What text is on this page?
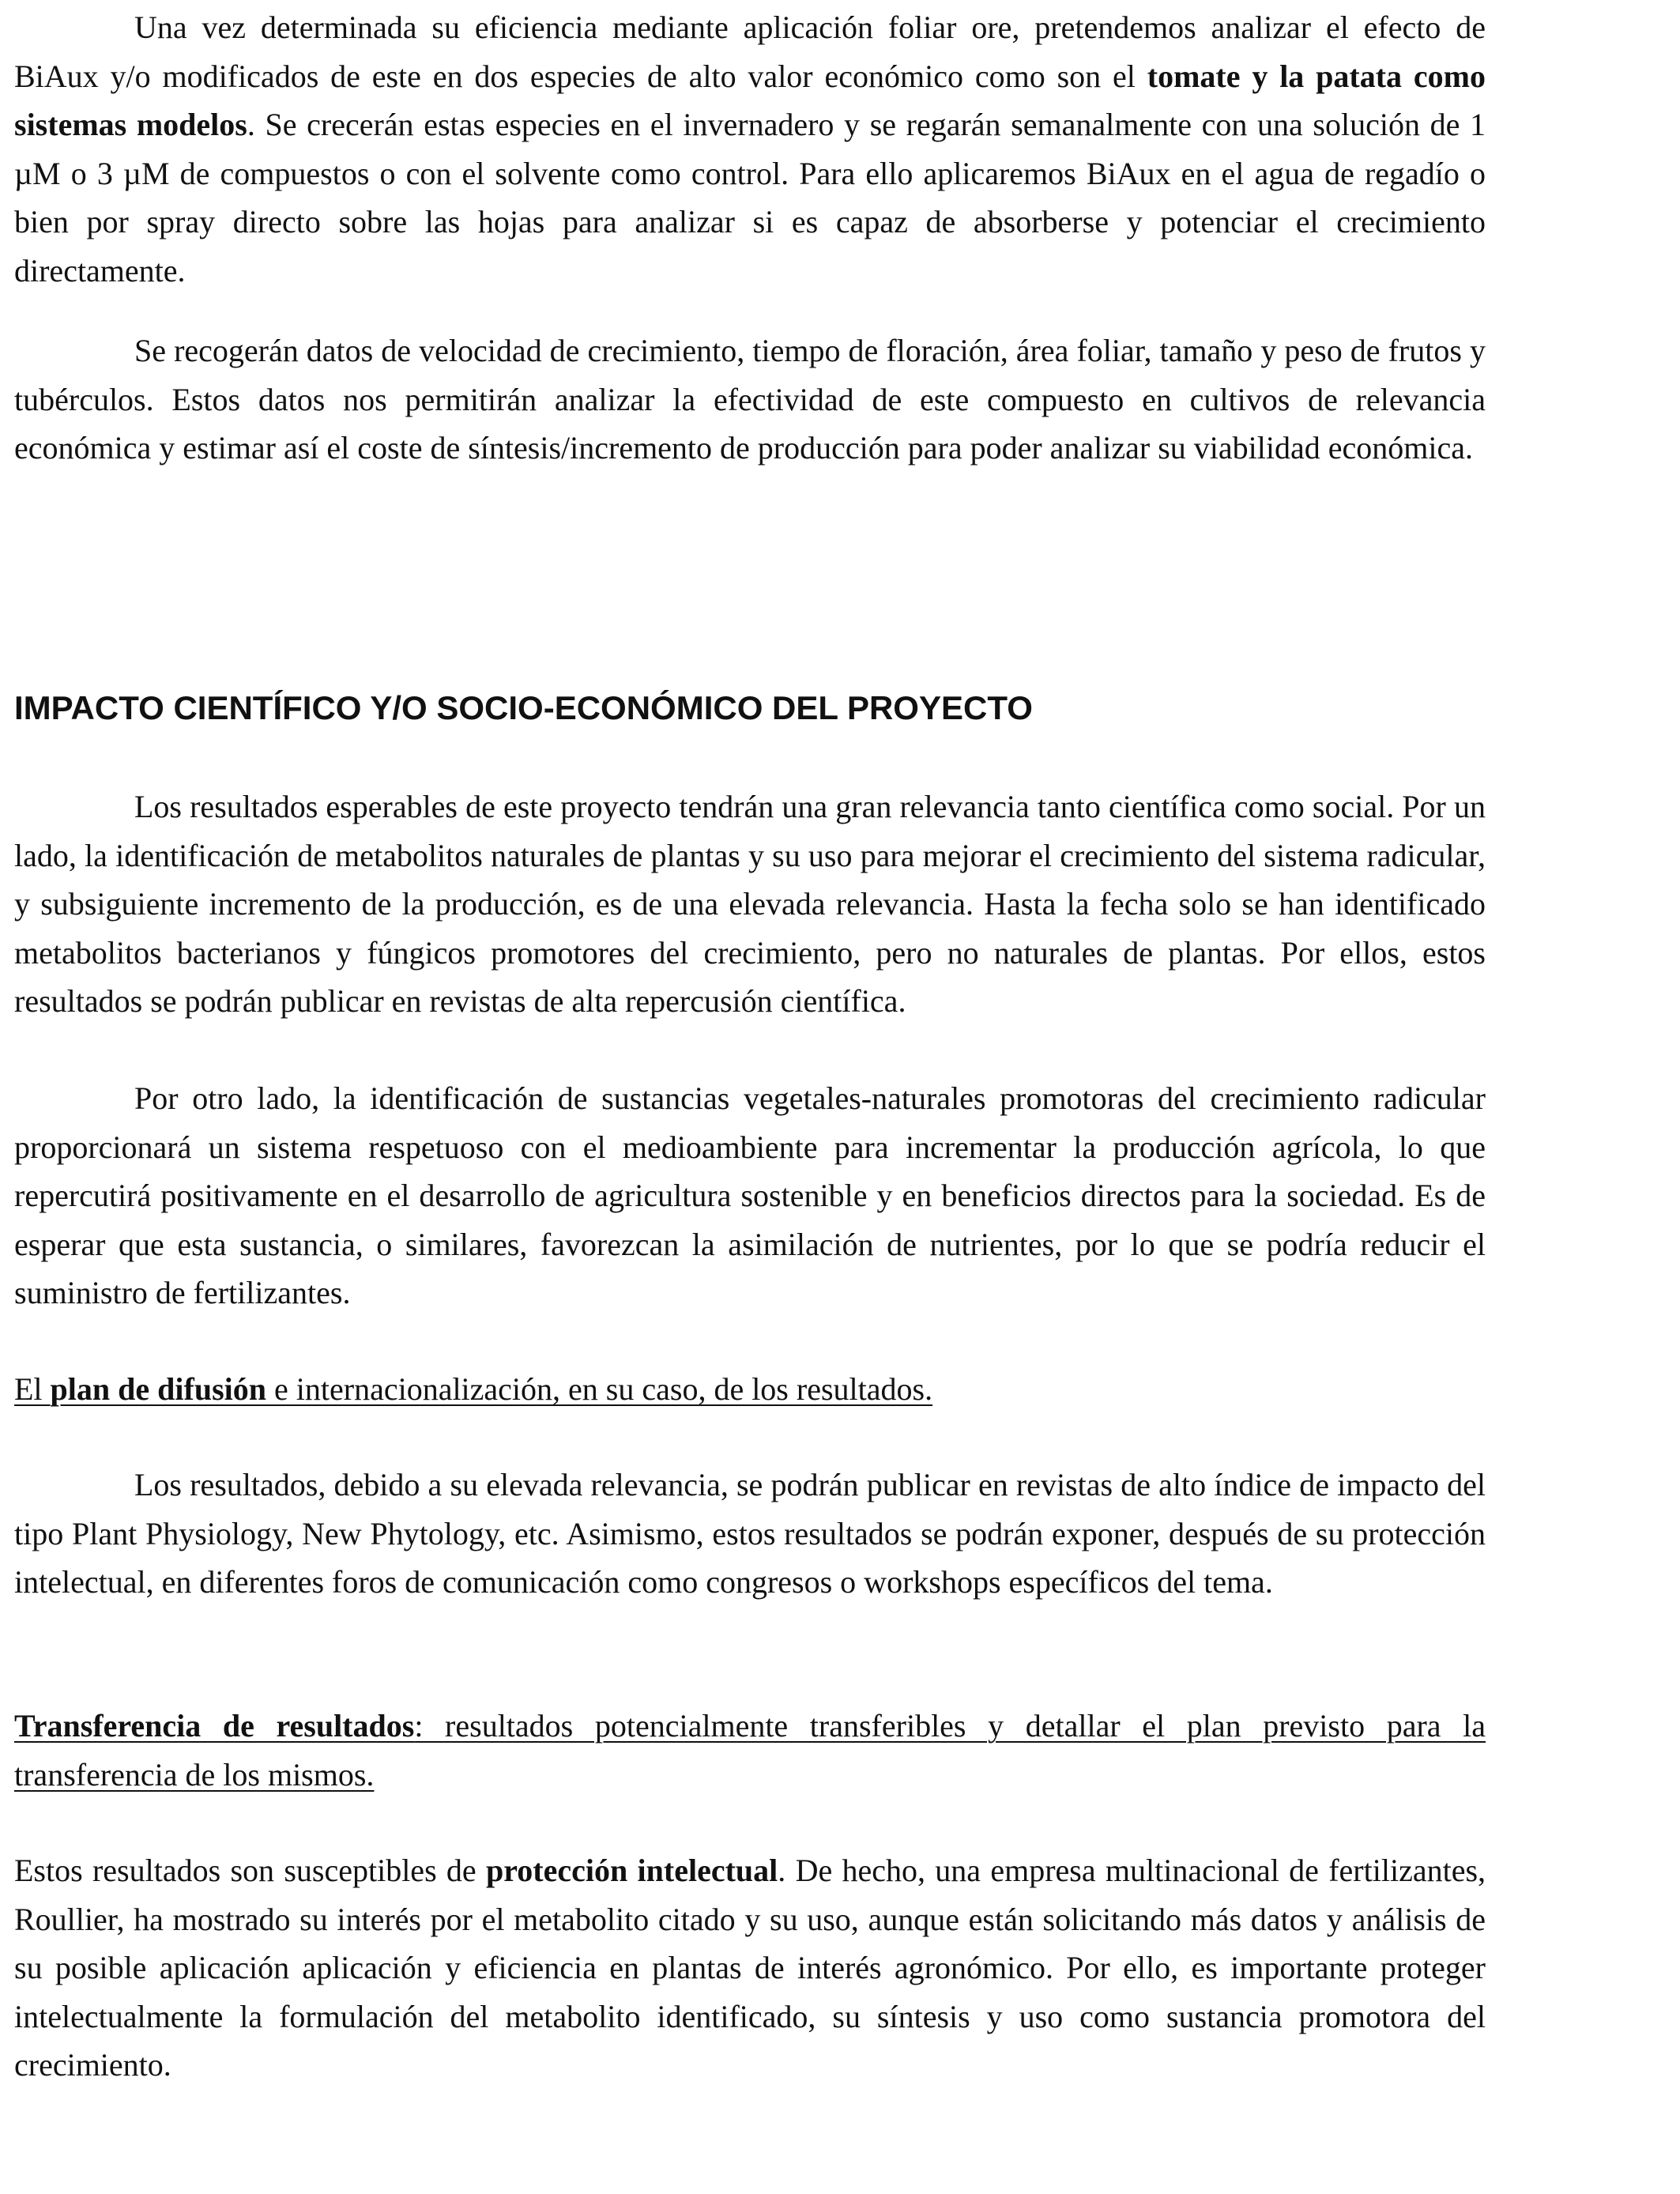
Una vez determinada su eficiencia mediante aplicación foliar ore, pretendemos analizar el efecto de BiAux y/o modificados de este en dos especies de alto valor económico como son el tomate y la patata como sistemas modelos. Se crecerán estas especies en el invernadero y se regarán semanalmente con una solución de 1 µM o 3 µM de compuestos o con el solvente como control. Para ello aplicaremos BiAux en el agua de regadío o bien por spray directo sobre las hojas para analizar si es capaz de absorberse y potenciar el crecimiento directamente.

Se recogerán datos de velocidad de crecimiento, tiempo de floración, área foliar, tamaño y peso de frutos y tubérculos. Estos datos nos permitirán analizar la efectividad de este compuesto en cultivos de relevancia económica y estimar así el coste de síntesis/incremento de producción para poder analizar su viabilidad económica.

IMPACTO CIENTÍFICO Y/O SOCIO-ECONÓMICO DEL PROYECTO

Los resultados esperables de este proyecto tendrán una gran relevancia tanto científica como social. Por un lado, la identificación de metabolitos naturales de plantas y su uso para mejorar el crecimiento del sistema radicular, y subsiguiente incremento de la producción, es de una elevada relevancia. Hasta la fecha solo se han identificado metabolitos bacterianos y fúngicos promotores del crecimiento, pero no naturales de plantas. Por ellos, estos resultados se podrán publicar en revistas de alta repercusión científica.

Por otro lado, la identificación de sustancias vegetales-naturales promotoras del crecimiento radicular proporcionará un sistema respetuoso con el medioambiente para incrementar la producción agrícola, lo que repercutirá positivamente en el desarrollo de agricultura sostenible y en beneficios directos para la sociedad. Es de esperar que esta sustancia, o similares, favorezcan la asimilación de nutrientes, por lo que se podría reducir el suministro de fertilizantes.

El plan de difusión e internacionalización, en su caso, de los resultados.

Los resultados, debido a su elevada relevancia, se podrán publicar en revistas de alto índice de impacto del tipo Plant Physiology, New Phytology, etc. Asimismo, estos resultados se podrán exponer, después de su protección intelectual, en diferentes foros de comunicación como congresos o workshops específicos del tema.

Transferencia de resultados: resultados potencialmente transferibles y detallar el plan previsto para la transferencia de los mismos.

Estos resultados son susceptibles de protección intelectual. De hecho, una empresa multinacional de fertilizantes, Roullier, ha mostrado su interés por el metabolito citado y su uso, aunque están solicitando más datos y análisis de su posible aplicación aplicación y eficiencia en plantas de interés agronómico. Por ello, es importante proteger intelectualmente la formulación del metabolito identificado, su síntesis y uso como sustancia promotora del crecimiento.
